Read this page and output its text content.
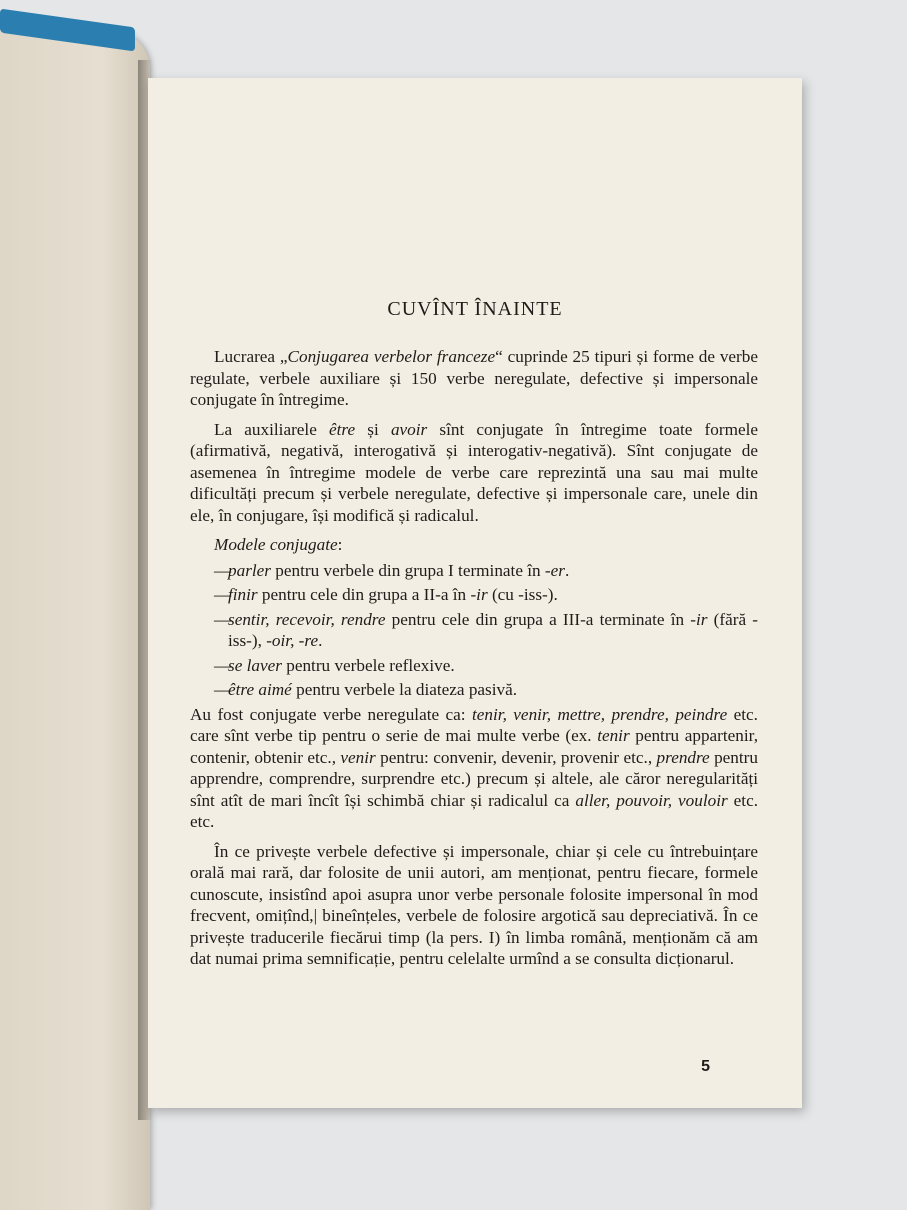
CUVÎNT ÎNAINTE

Lucrarea „Conjugarea verbelor franceze“ cuprinde 25 tipuri și forme de verbe regulate, verbele auxiliare și 150 verbe neregulate, defective și impersonale conjugate în întregime.

La auxiliarele être și avoir sînt conjugate în întregime toate formele (afirmativă, negativă, interogativă și interogativ-negativă). Sînt conjugate de asemenea în întregime modele de verbe care reprezintă una sau mai multe dificultăți precum și verbele neregulate, defective și impersonale care, unele din ele, în conjugare, își modifică și radicalul.

Modele conjugate:
—parler pentru verbele din grupa I terminate în -er.
—finir pentru cele din grupa a II-a în -ir (cu -iss-).
—sentir, recevoir, rendre pentru cele din grupa a III-a terminate în -ir (fără -iss-), -oir, -re.
—se laver pentru verbele reflexive.
—être aimé pentru verbele la diateza pasivă.

Au fost conjugate verbe neregulate ca: tenir, venir, mettre, prendre, peindre etc. care sînt verbe tip pentru o serie de mai multe verbe (ex. tenir pentru appartenir, contenir, obtenir etc., venir pentru: convenir, devenir, provenir etc., prendre pentru apprendre, comprendre, surprendre etc.) precum și altele, ale căror neregularități sînt atît de mari încît își schimbă chiar și radicalul ca aller, pouvoir, vouloir etc. etc.

În ce privește verbele defective și impersonale, chiar și cele cu întrebuințare orală mai rară, dar folosite de unii autori, am menționat, pentru fiecare, formele cunoscute, insistînd apoi asupra unor verbe personale folosite impersonal în mod frecvent, omițînd,| bineînțeles, verbele de folosire argotică sau depreciativă. În ce privește traducerile fiecărui timp (la pers. I) în limba română, menționăm că am dat numai prima semnificație, pentru celelalte urmînd a se consulta dicționarul.

5
